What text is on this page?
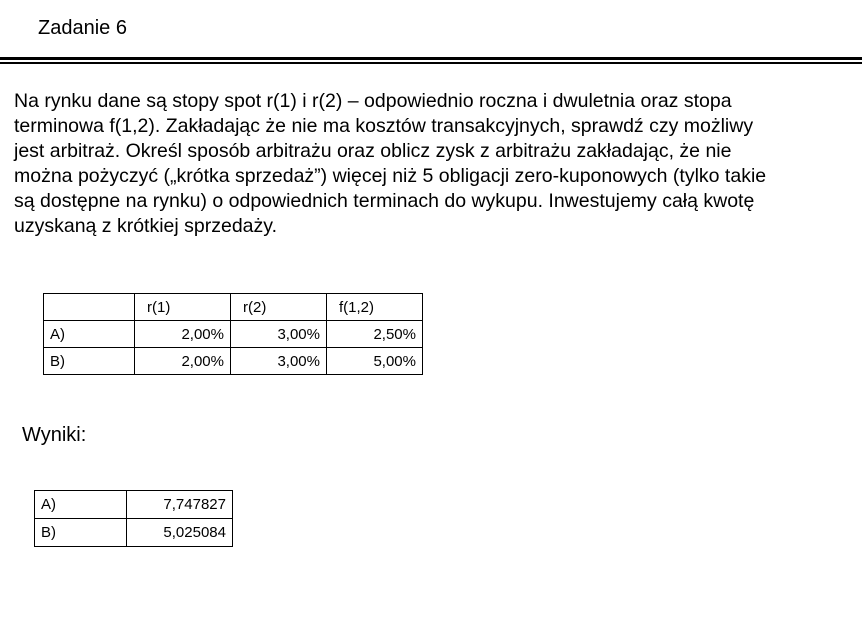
Zadanie 6

Na rynku dane są stopy spot r(1) i r(2) – odpowiednio roczna i dwuletnia oraz stopa
terminowa f(1,2). Zakładając że nie ma kosztów transakcyjnych, sprawdź czy możliwy
jest arbitraż. Określ sposób arbitrażu oraz oblicz zysk z arbitrażu zakładając, że nie
można pożyczyć („krótka sprzedaż”) więcej niż 5 obligacji zero-kuponowych (tylko takie
są dostępne na rynku) o odpowiednich terminach do wykupu. Inwestujemy całą kwotę
uzyskaną z krótkiej sprzedaży.

	r(1)	r(2)	f(1,2)
A)	2,00%	3,00%	2,50%
B)	2,00%	3,00%	5,00%
Wyniki:
A)	7,747827
B)	5,025084
